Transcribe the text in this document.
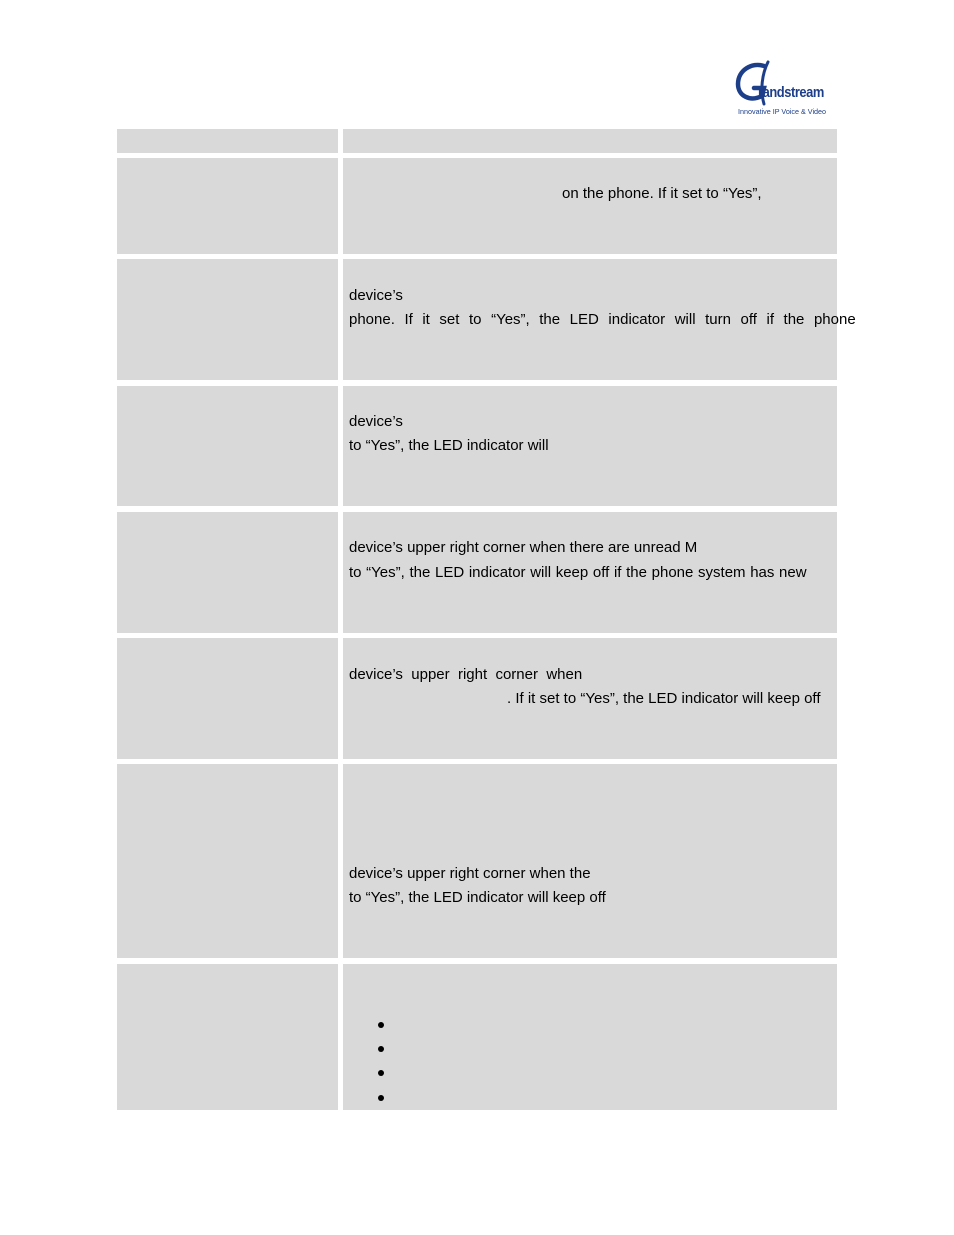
randstream
Innovative IP Voice & Video
on the phone. If it set to “Yes”,
device’s
phone. If it set to “Yes”, the LED indicator will turn off if the phone
device’s
to “Yes”, the LED indicator will
device’s upper right corner when there are unread M
to “Yes”, the LED indicator will keep off if the phone system has new
device’s  upper  right  corner  when
. If it set to “Yes”, the LED indicator will keep off
device’s upper right corner when the
to “Yes”, the LED indicator will keep off
